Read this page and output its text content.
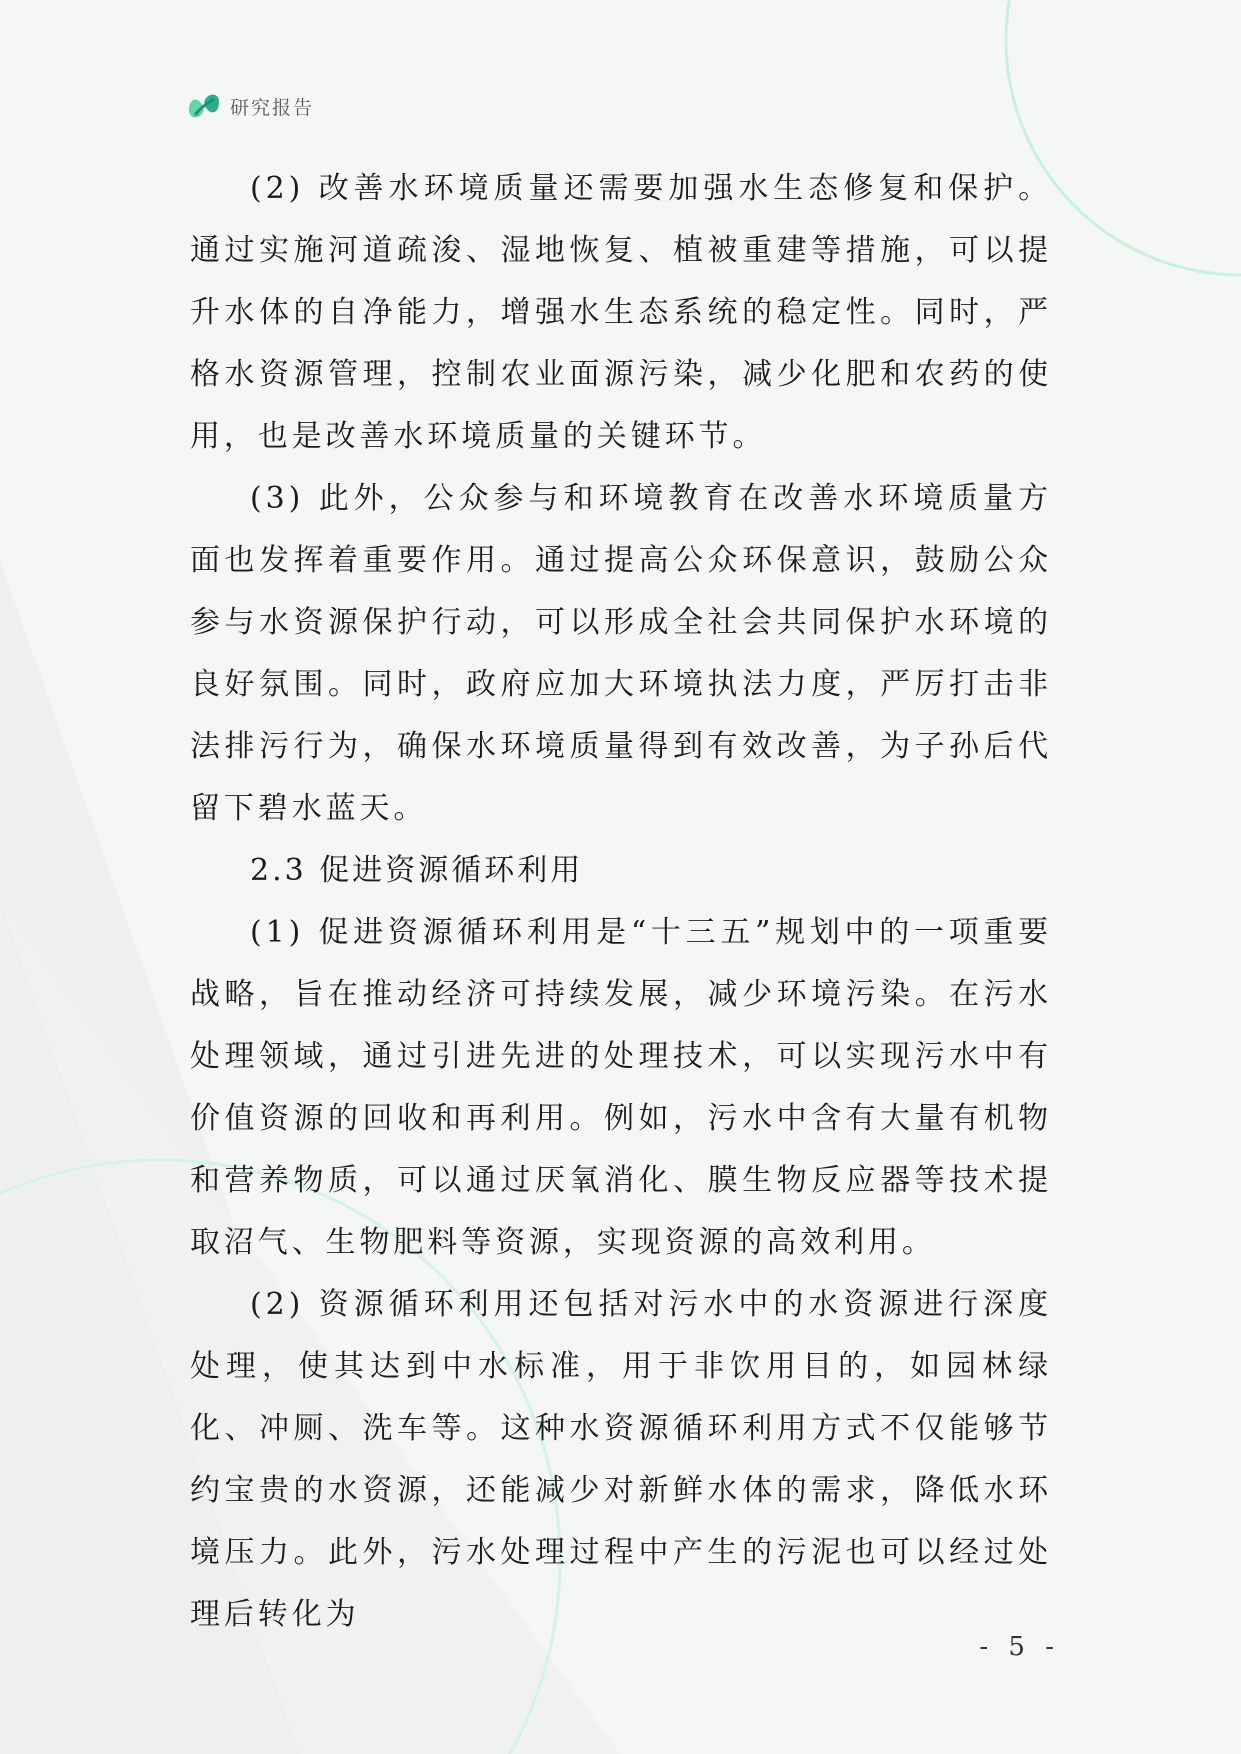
研究报告

(2) 改善水环境质量还需要加强水生态修复和保护。通过实施河道疏浚、湿地恢复、植被重建等措施，可以提升水体的自净能力，增强水生态系统的稳定性。同时，严格水资源管理，控制农业面源污染，减少化肥和农药的使用，也是改善水环境质量的关键环节。

(3) 此外，公众参与和环境教育在改善水环境质量方面也发挥着重要作用。通过提高公众环保意识，鼓励公众参与水资源保护行动，可以形成全社会共同保护水环境的良好氛围。同时，政府应加大环境执法力度，严厉打击非法排污行为，确保水环境质量得到有效改善，为子孙后代留下碧水蓝天。

2.3 促进资源循环利用

(1) 促进资源循环利用是“十三五”规划中的一项重要战略，旨在推动经济可持续发展，减少环境污染。在污水处理领域，通过引进先进的处理技术，可以实现污水中有价值资源的回收和再利用。例如，污水中含有大量有机物和营养物质，可以通过厌氧消化、膜生物反应器等技术提取沼气、生物肥料等资源，实现资源的高效利用。

(2) 资源循环利用还包括对污水中的水资源进行深度处理，使其达到中水标准，用于非饮用目的，如园林绿化、冲厕、洗车等。这种水资源循环利用方式不仅能够节约宝贵的水资源，还能减少对新鲜水体的需求，降低水环境压力。此外，污水处理过程中产生的污泥也可以经过处理后转化为

- 5 -
